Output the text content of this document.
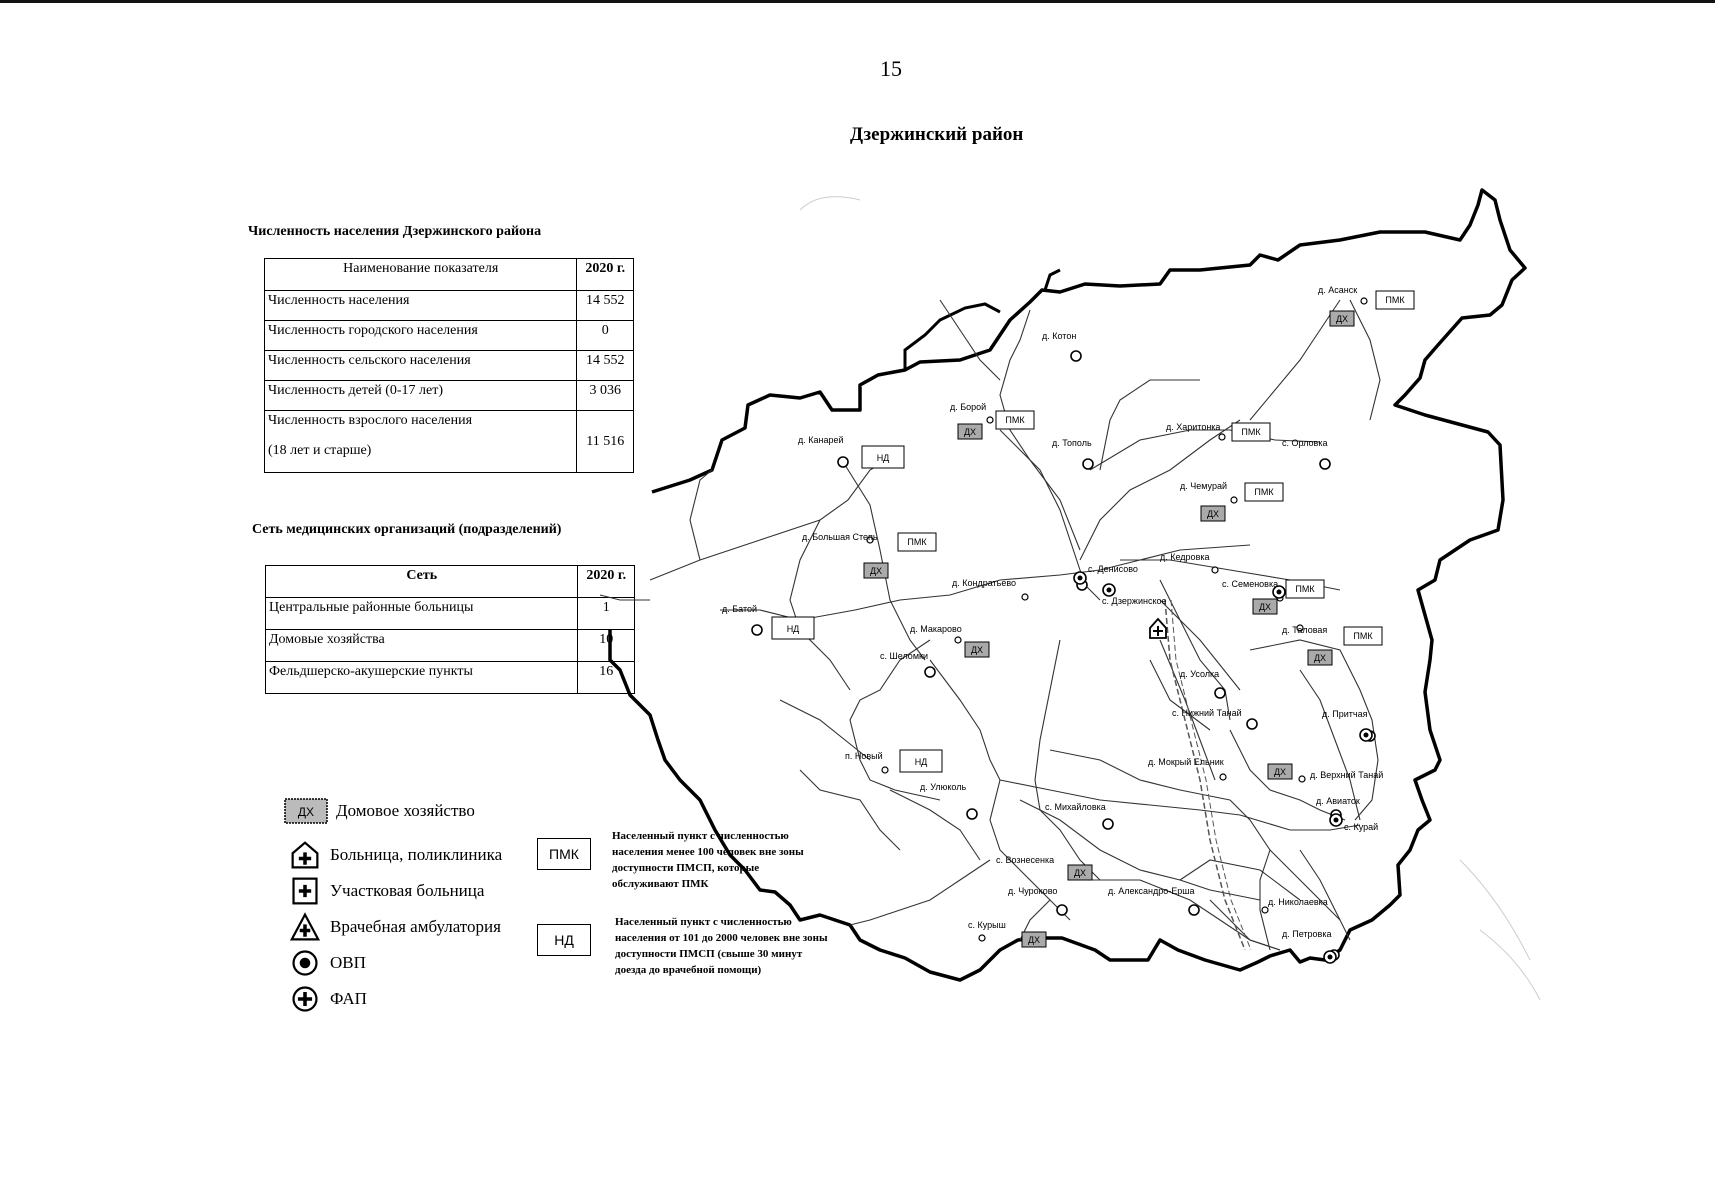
15
Дзержинский район
Численность населения Дзержинского района
Наименование показателя	2020 г.
Численность населения	14 552
Численность городского населения	0
Численность сельского населения	14 552
Численность детей (0-17 лет)	3 036

Численность взрослого населения
(18 лет и старше)	11 516
Сеть медицинских организаций (подразделений)
Сеть	2020 г.
Центральные районные больницы	1
Домовые хозяйства	10
Фельдшерско-акушерские пункты	16
ДХ Домовое хозяйство
Больница, поликлиника
Участковая больница
Врачебная амбулатория
ОВП
ФАП
ПМК
Населенный пункт с численностью населения менее 100 человек вне зоны доступности ПМСП, которые обслуживают ПМК
НД
Населенный пункт с численностью населения от 101 до 2000 человек вне зоны доступности ПМСП (свыше 30 минут доезда до врачебной помощи)
ДХ
ДХ
ДХ
ДХ
ДХ
ДХ
ДХ
ДХ
ДХ
ДХ
ПМК
ПМК
ПМК
ПМК
ПМК
ПМК
ПМК
НД
НД
НД
д. Асанск
д. Котон
д. Борой
д. Тополь
д. Харитонка
с. Орловка
д. Канарей
д. Чемурай
д. Большая Степь
д. Кедровка
д. Кондратьево
с. Денисово
с. Семеновка
с. Дзержинское
д. Батой
д. Макарово	д. Таловая
с. Шеломки
д. Усолка
с. Нижний Танай	д. Притчая
п. Новый
д. Мокрый Ельник
д. Верхний Танай
д. Улюколь
с. Михайловка
д. Авиаток
с. Курай
с. Вознесенка
д. Чуроково	д. Александро-Ерша
д. Николаевка
с. Курыш
д. Петровка
